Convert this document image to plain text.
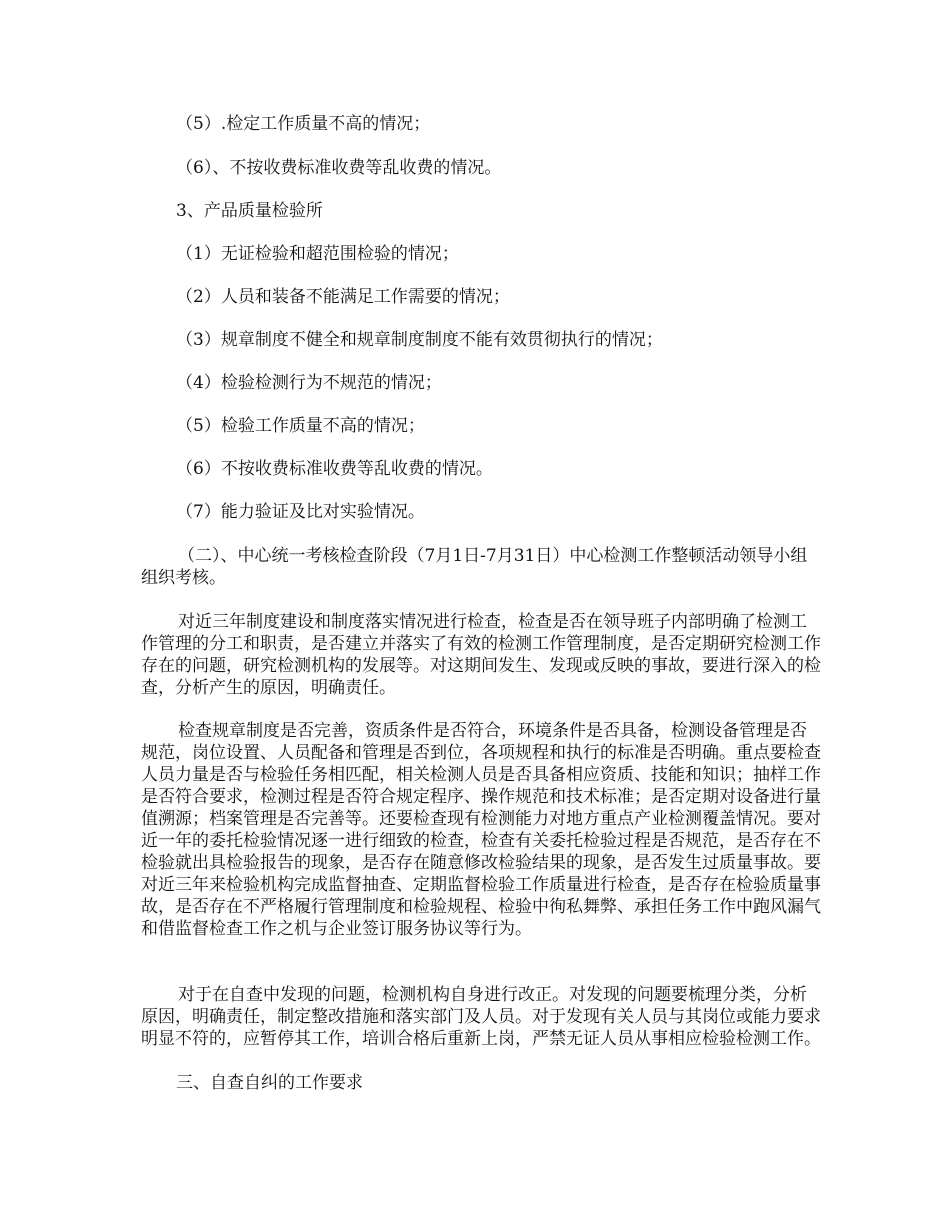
（5）.检定工作质量不高的情况；
（6）、不按收费标准收费等乱收费的情况。
3、产品质量检验所
（1）无证检验和超范围检验的情况；
（2）人员和装备不能满足工作需要的情况；
（3）规章制度不健全和规章制度制度不能有效贯彻执行的情况；
（4）检验检测行为不规范的情况；
（5）检验工作质量不高的情况；
（6）不按收费标准收费等乱收费的情况。
（7）能力验证及比对实验情况。
（二）、中心统一考核检查阶段（7月1日-7月31日）中心检测工作整顿活动领导小组组织考核。
对近三年制度建设和制度落实情况进行检查，检查是否在领导班子内部明确了检测工作管理的分工和职责，是否建立并落实了有效的检测工作管理制度，是否定期研究检测工作存在的问题，研究检测机构的发展等。对这期间发生、发现或反映的事故，要进行深入的检查，分析产生的原因，明确责任。
检查规章制度是否完善，资质条件是否符合，环境条件是否具备，检测设备管理是否规范，岗位设置、人员配备和管理是否到位，各项规程和执行的标准是否明确。重点要检查人员力量是否与检验任务相匹配，相关检测人员是否具备相应资质、技能和知识；抽样工作是否符合要求，检测过程是否符合规定程序、操作规范和技术标准；是否定期对设备进行量值溯源；档案管理是否完善等。还要检查现有检测能力对地方重点产业检测覆盖情况。要对近一年的委托检验情况逐一进行细致的检查，检查有关委托检验过程是否规范，是否存在不检验就出具检验报告的现象，是否存在随意修改检验结果的现象，是否发生过质量事故。要对近三年来检验机构完成监督抽查、定期监督检验工作质量进行检查，是否存在检验质量事故，是否存在不严格履行管理制度和检验规程、检验中徇私舞弊、承担任务工作中跑风漏气和借监督检查工作之机与企业签订服务协议等行为。
对于在自查中发现的问题，检测机构自身进行改正。对发现的问题要梳理分类，分析原因，明确责任，制定整改措施和落实部门及人员。对于发现有关人员与其岗位或能力要求明显不符的，应暂停其工作，培训合格后重新上岗，严禁无证人员从事相应检验检测工作。
三、自查自纠的工作要求
